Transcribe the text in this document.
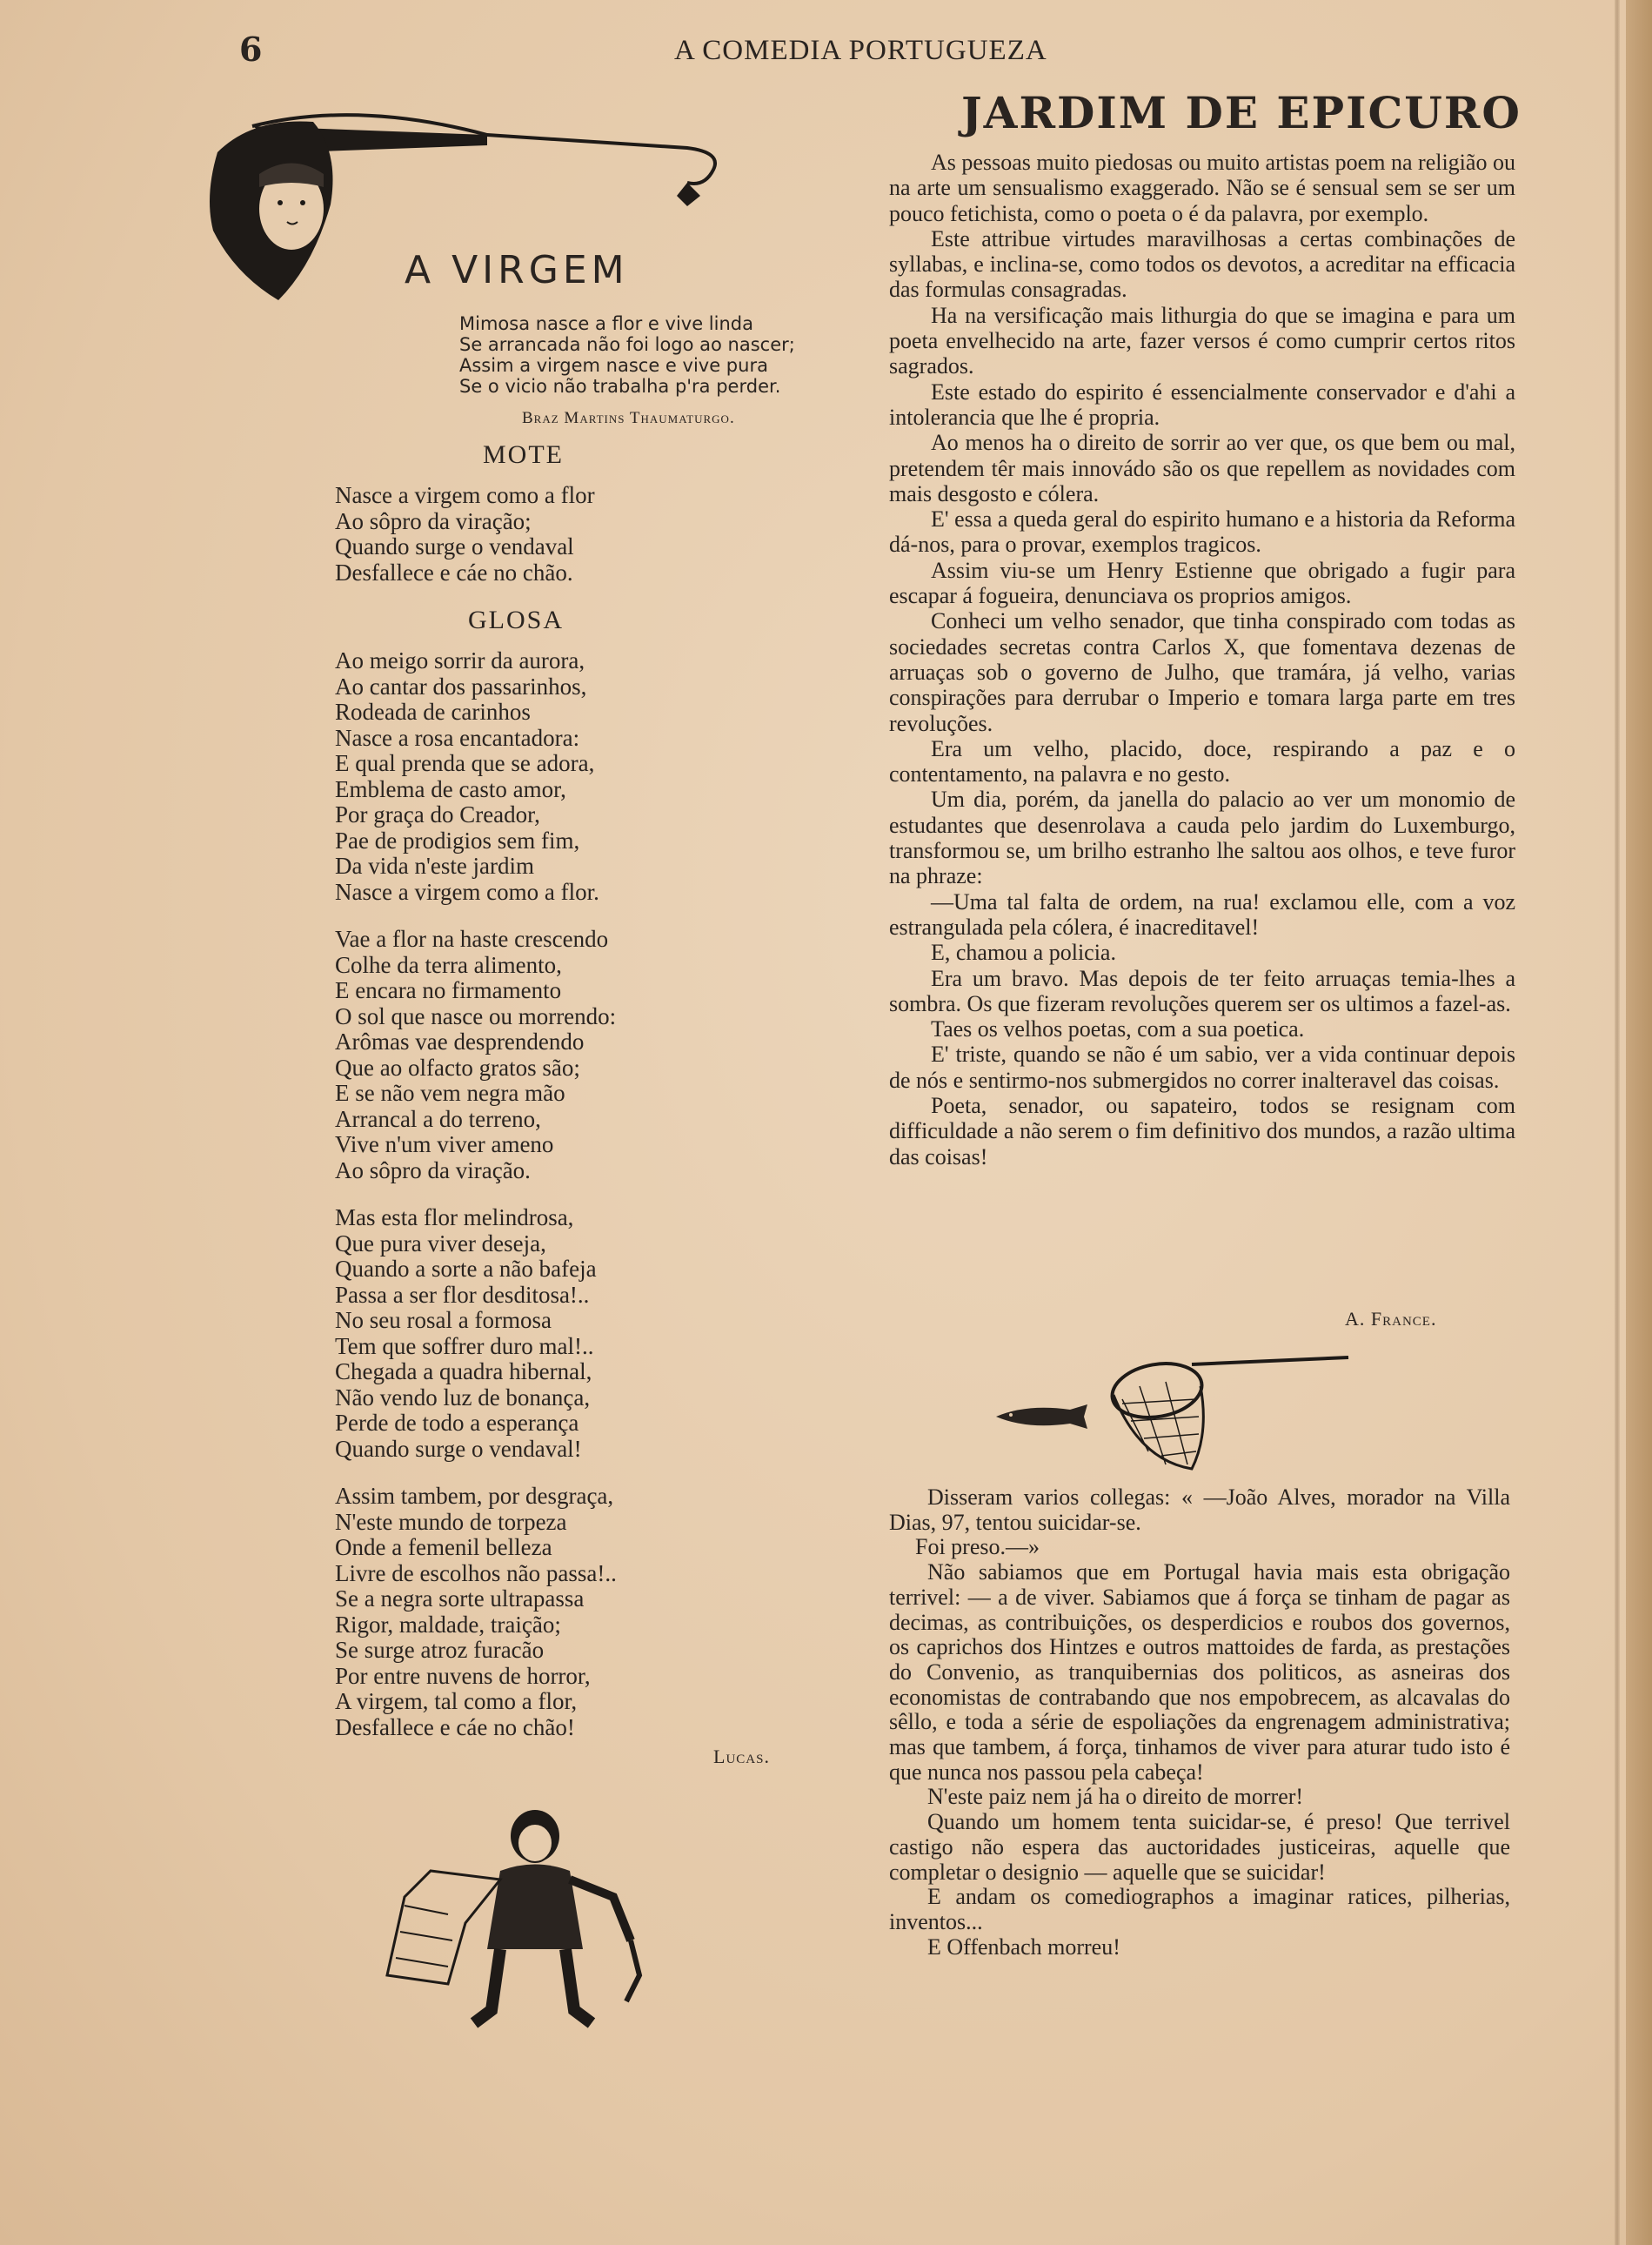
6	A COMEDIA PORTUGUEZA
A VIRGEM
Mimosa nasce a flor e vive linda
Se arrancada não foi logo ao nascer;
Assim a virgem nasce e vive pura
Se o vicio não trabalha p'ra perder.
Braz Martins Thaumaturgo.
MOTE
Nasce a virgem como a flor
Ao sôpro da viração;
Quando surge o vendaval
Desfallece e cáe no chão.
GLOSA
Ao meigo sorrir da aurora,
Ao cantar dos passarinhos,
Rodeada de carinhos
Nasce a rosa encantadora:
E qual prenda que se adora,
Emblema de casto amor,
Por graça do Creador,
Pae de prodigios sem fim,
Da vida n'este jardim
Nasce a virgem como a flor.
Vae a flor na haste crescendo
Colhe da terra alimento,
E encara no firmamento
O sol que nasce ou morrendo:
Arômas vae desprendendo
Que ao olfacto gratos são;
E se não vem negra mão
Arrancal a do terreno,
Vive n'um viver ameno
Ao sôpro da viração.
Mas esta flor melindrosa,
Que pura viver deseja,
Quando a sorte a não bafeja
Passa a ser flor desditosa!..
No seu rosal a formosa
Tem que soffrer duro mal!..
Chegada a quadra hibernal,
Não vendo luz de bonança,
Perde de todo a esperança
Quando surge o vendaval!
Assim tambem, por desgraça,
N'este mundo de torpeza
Onde a femenil belleza
Livre de escolhos não passa!..
Se a negra sorte ultrapassa
Rigor, maldade, traição;
Se surge atroz furacão
Por entre nuvens de horror,
A virgem, tal como a flor,
Desfallece e cáe no chão!
Lucas.
JARDIM DE EPICURO

As pessoas muito piedosas ou muito artistas poem na religião ou na arte um sensualismo exaggerado. Não se é sensual sem se ser um pouco fetichista, como o poeta o é da palavra, por exemplo.

Este attribue virtudes maravilhosas a certas combinações de syllabas, e inclina-se, como todos os devotos, a acreditar na efficacia das formulas consagradas.

Ha na versificação mais lithurgia do que se imagina e para um poeta envelhecido na arte, fazer versos é como cumprir certos ritos sagrados.

Este estado do espirito é essencialmente conservador e d'ahi a intolerancia que lhe é propria.

Ao menos ha o direito de sorrir ao ver que, os que bem ou mal, pretendem têr mais innovádo são os que repellem as novidades com mais desgosto e cólera.

E' essa a queda geral do espirito humano e a historia da Reforma dá-nos, para o provar, exemplos tragicos.

Assim viu-se um Henry Estienne que obrigado a fugir para escapar á fogueira, denunciava os proprios amigos.

Conheci um velho senador, que tinha conspirado com todas as sociedades secretas contra Carlos X, que fomentava dezenas de arruaças sob o governo de Julho, que tramára, já velho, varias conspirações para derrubar o Imperio e tomara larga parte em tres revoluções.

Era um velho, placido, doce, respirando a paz e o contentamento, na palavra e no gesto.

Um dia, porém, da janella do palacio ao ver um monomio de estudantes que desenrolava a cauda pelo jardim do Luxemburgo, transformou se, um brilho estranho lhe saltou aos olhos, e teve furor na phraze:

—Uma tal falta de ordem, na rua! exclamou elle, com a voz estrangulada pela cólera, é inacreditavel!

E, chamou a policia.

Era um bravo. Mas depois de ter feito arruaças temia-lhes a sombra. Os que fizeram revoluções querem ser os ultimos a fazel-as.

Taes os velhos poetas, com a sua poetica.

E' triste, quando se não é um sabio, ver a vida continuar depois de nós e sentirmo-nos submergidos no correr inalteravel das coisas.

Poeta, senador, ou sapateiro, todos se resignam com difficuldade a não serem o fim definitivo dos mundos, a razão ultima das coisas!

A. France.

Disseram varios collegas: « —João Alves, morador na Villa Dias, 97, tentou suicidar-se.

Foi preso.—»

Não sabiamos que em Portugal havia mais esta obrigação terrivel: — a de viver. Sabiamos que á força se tinham de pagar as decimas, as contribuições, os desperdicios e roubos dos governos, os caprichos dos Hintzes e outros mattoides de farda, as prestações do Convenio, as tranquibernias dos politicos, as asneiras dos economistas de contrabando que nos empobrecem, as alcavalas do sêllo, e toda a série de espoliações da engrenagem administrativa; mas que tambem, á força, tinhamos de viver para aturar tudo isto é que nunca nos passou pela cabeça!

N'este paiz nem já ha o direito de morrer!

Quando um homem tenta suicidar-se, é preso! Que terrivel castigo não espera das auctoridades justiceiras, aquelle que completar o designio — aquelle que se suicidar!

E andam os comediographos a imaginar ratices, pilherias, inventos...

E Offenbach morreu!
